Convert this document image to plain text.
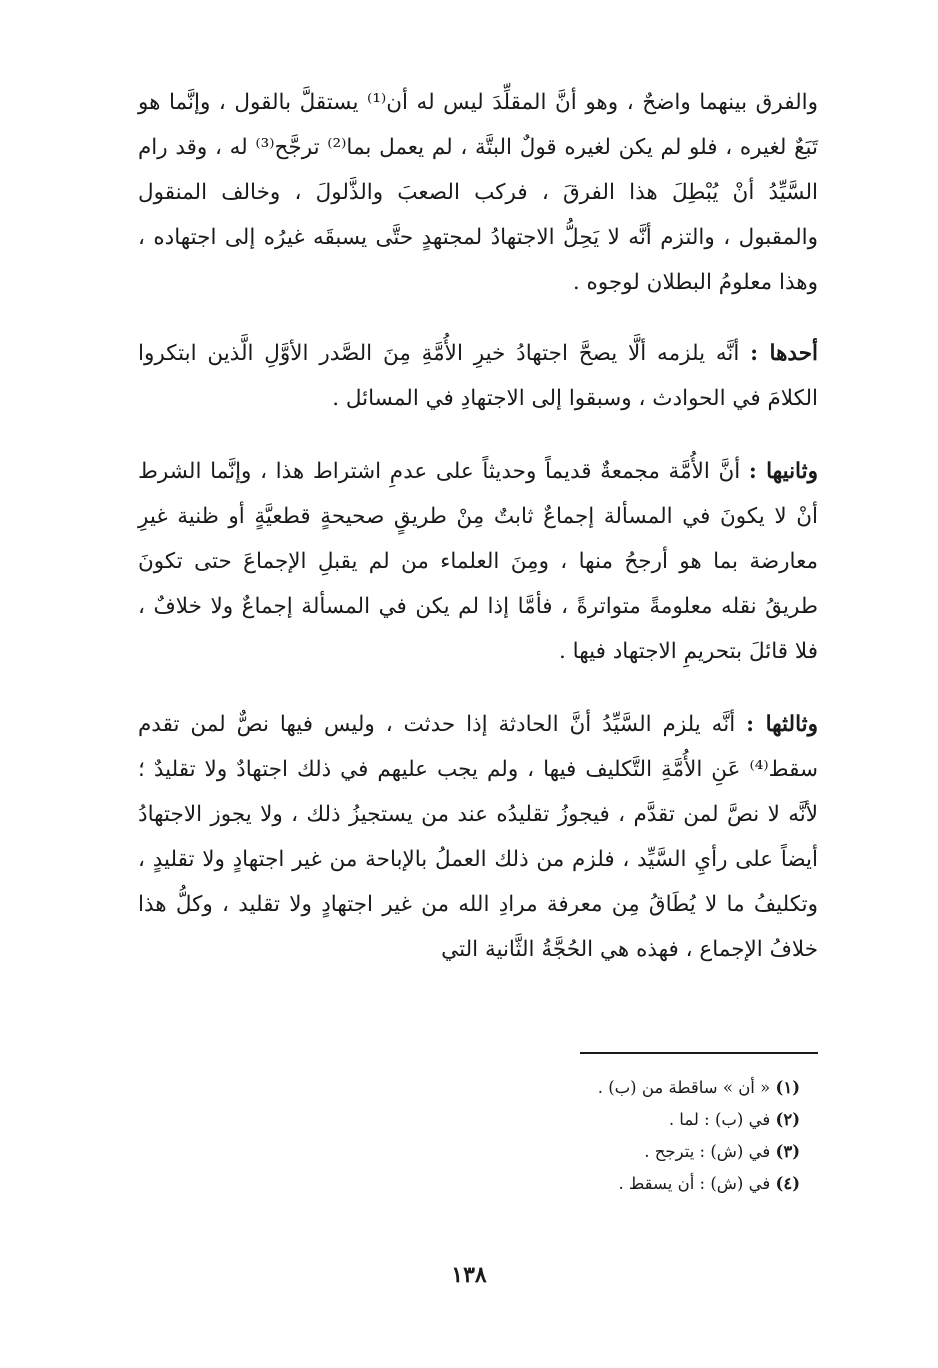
والفرق بينهما واضحٌ ، وهو أنَّ المقلِّدَ ليس له أن⁽¹⁾ يستقلَّ بالقول ، وإنَّما هو تَبَعٌ لغيره ، فلو لم يكن لغيره قولٌ البتَّة ، لم يعمل بما⁽²⁾ ترجَّح⁽³⁾ له ، وقد رام السَّيِّدُ أنْ يُبْطِلَ هذا الفرقَ ، فركب الصعبَ والذَّلولَ ، وخالف المنقول والمقبول ، والتزم أنَّه لا يَحِلُّ الاجتهادُ لمجتهدٍ حتَّى يسبقَه غيرُه إلى اجتهاده ، وهذا معلومُ البطلان لوجوه .

أحدها : أنَّه يلزمه ألَّا يصحَّ اجتهادُ خيرِ الأُمَّةِ مِنَ الصَّدر الأوَّلِ الَّذين ابتكروا الكلامَ في الحوادث ، وسبقوا إلى الاجتهادِ في المسائل .

وثانيها : أنَّ الأُمَّة مجمعةٌ قديماً وحديثاً على عدمِ اشتراط هذا ، وإنَّما الشرط أنْ لا يكونَ في المسألة إجماعٌ ثابتٌ مِنْ طريقٍ صحيحةٍ قطعيَّةٍ أو ظنية غيرِ معارضة بما هو أرجحُ منها ، ومِنَ العلماء من لم يقبلِ الإجماعَ حتى تكونَ طريقُ نقله معلومةً متواترةً ، فأمَّا إذا لم يكن في المسألة إجماعٌ ولا خلافٌ ، فلا قائلَ بتحريمِ الاجتهاد فيها .

وثالثها : أنَّه يلزم السَّيِّدُ أنَّ الحادثة إذا حدثت ، وليس فيها نصٌّ لمن تقدم سقط⁽⁴⁾ عَنِ الأُمَّةِ التَّكليف فيها ، ولم يجب عليهم في ذلك اجتهادٌ ولا تقليدٌ ؛ لأنَّه لا نصَّ لمن تقدَّم ، فيجوزُ تقليدُه عند من يستجيزُ ذلك ، ولا يجوز الاجتهادُ أيضاً على رأيِ السَّيِّد ، فلزم من ذلك العملُ بالإباحة من غير اجتهادٍ ولا تقليدٍ ، وتكليفُ ما لا يُطَاقُ مِن معرفة مرادِ الله من غير اجتهادٍ ولا تقليد ، وكلُّ هذا خلافُ الإجماع ، فهذه هي الحُجَّةُ الثَّانية التي

(١) « أن » ساقطة من (ب) .
(٢) في (ب) : لما .
(٣) في (ش) : يترجح .
(٤) في (ش) : أن يسقط .
١٣٨
